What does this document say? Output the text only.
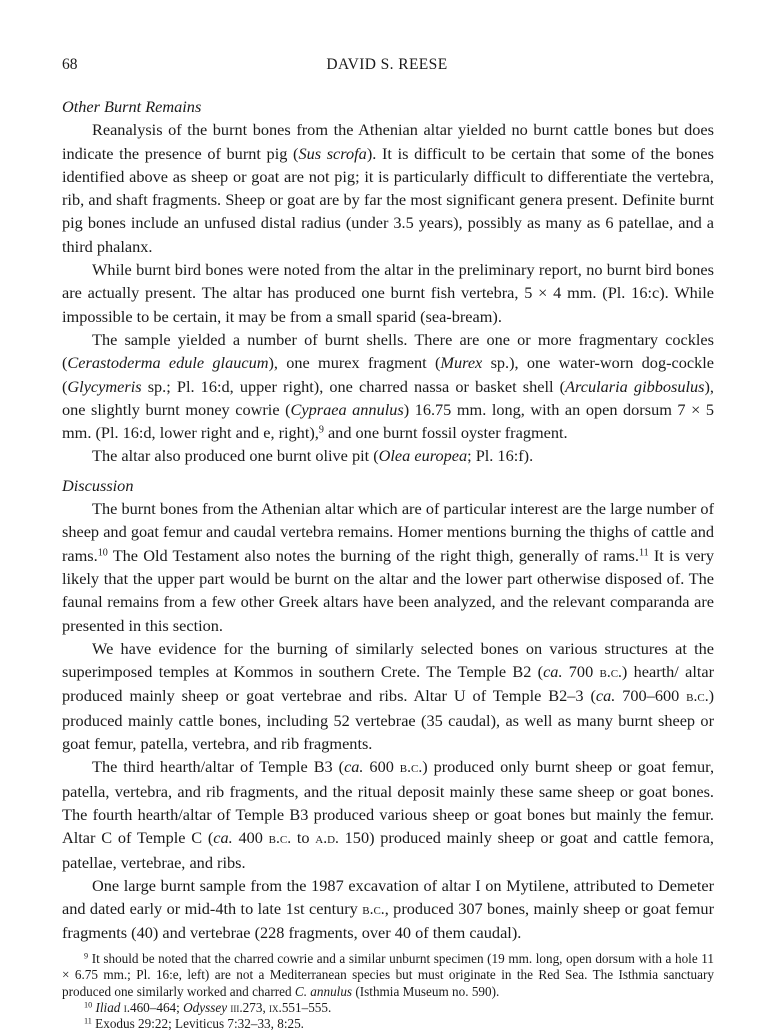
68	DAVID S. REESE

Other Burnt Remains

Reanalysis of the burnt bones from the Athenian altar yielded no burnt cattle bones but does indicate the presence of burnt pig (Sus scrofa). It is difficult to be certain that some of the bones identified above as sheep or goat are not pig; it is particularly difficult to differentiate the vertebra, rib, and shaft fragments. Sheep or goat are by far the most significant genera present. Definite burnt pig bones include an unfused distal radius (under 3.5 years), possibly as many as 6 patellae, and a third phalanx.

While burnt bird bones were noted from the altar in the preliminary report, no burnt bird bones are actually present. The altar has produced one burnt fish vertebra, 5 × 4 mm. (Pl. 16:c). While impossible to be certain, it may be from a small sparid (sea-bream).

The sample yielded a number of burnt shells. There are one or more fragmentary cockles (Cerastoderma edule glaucum), one murex fragment (Murex sp.), one water-worn dog-cockle (Glycymeris sp.; Pl. 16:d, upper right), one charred nassa or basket shell (Arcularia gibbosulus), one slightly burnt money cowrie (Cypraea annulus) 16.75 mm. long, with an open dorsum 7 × 5 mm. (Pl. 16:d, lower right and e, right),$^9$ and one burnt fossil oyster fragment.

The altar also produced one burnt olive pit (Olea europea; Pl. 16:f).

Discussion

The burnt bones from the Athenian altar which are of particular interest are the large number of sheep and goat femur and caudal vertebra remains. Homer mentions burning the thighs of cattle and rams.$^{10}$ The Old Testament also notes the burning of the right thigh, generally of rams.$^{11}$ It is very likely that the upper part would be burnt on the altar and the lower part otherwise disposed of. The faunal remains from a few other Greek altars have been analyzed, and the relevant comparanda are presented in this section.

We have evidence for the burning of similarly selected bones on various structures at the superimposed temples at Kommos in southern Crete. The Temple B2 (ca. 700 b.c.) hearth/ altar produced mainly sheep or goat vertebrae and ribs. Altar U of Temple B2–3 (ca. 700–600 b.c.) produced mainly cattle bones, including 52 vertebrae (35 caudal), as well as many burnt sheep or goat femur, patella, vertebra, and rib fragments.

The third hearth/altar of Temple B3 (ca. 600 b.c.) produced only burnt sheep or goat femur, patella, vertebra, and rib fragments, and the ritual deposit mainly these same sheep or goat bones. The fourth hearth/altar of Temple B3 produced various sheep or goat bones but mainly the femur. Altar C of Temple C (ca. 400 b.c. to a.d. 150) produced mainly sheep or goat and cattle femora, patellae, vertebrae, and ribs.

One large burnt sample from the 1987 excavation of altar I on Mytilene, attributed to Demeter and dated early or mid-4th to late 1st century b.c., produced 307 bones, mainly sheep or goat femur fragments (40) and vertebrae (228 fragments, over 40 of them caudal).

$^9$ It should be noted that the charred cowrie and a similar unburnt specimen (19 mm. long, open dorsum with a hole 11 × 6.75 mm.; Pl. 16:e, left) are not a Mediterranean species but must originate in the Red Sea. The Isthmia sanctuary produced one similarly worked and charred C. annulus (Isthmia Museum no. 590).

$^{10}$ Iliad i.460–464; Odyssey iii.273, ix.551–555.

$^{11}$ Exodus 29:22; Leviticus 7:32–33, 8:25.
